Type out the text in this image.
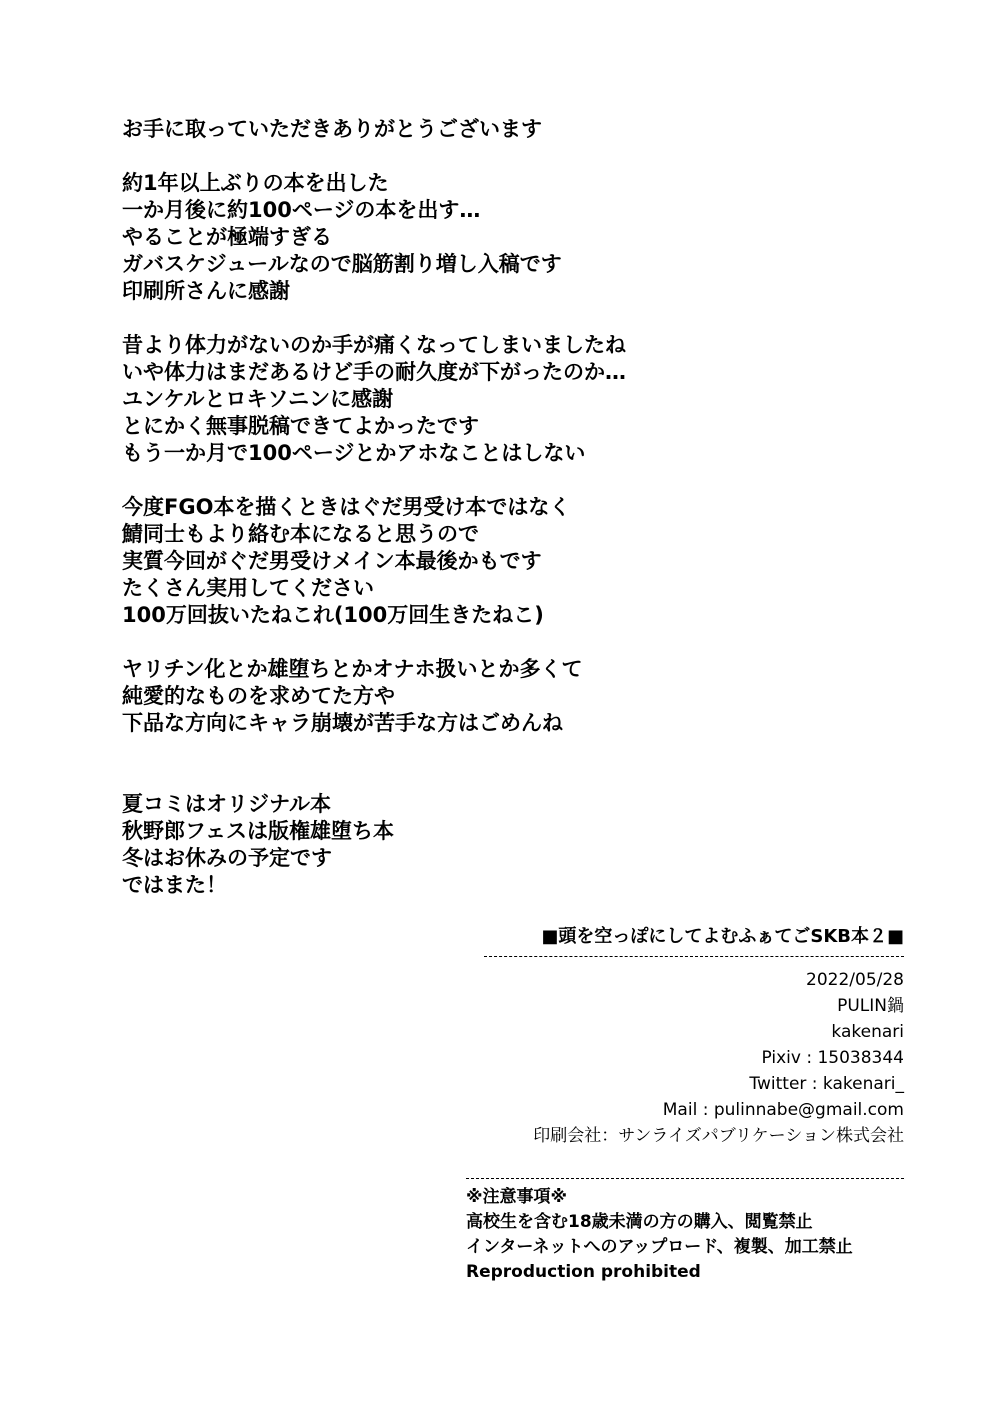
お手に取っていただきありがとうございます
約1年以上ぶりの本を出した
一か月後に約100ページの本を出す…
やることが極端すぎる
ガバスケジュールなので脳筋割り増し入稿です
印刷所さんに感謝
昔より体力がないのか手が痛くなってしまいましたね
いや体力はまだあるけど手の耐久度が下がったのか…
ユンケルとロキソニンに感謝
とにかく無事脱稿できてよかったです
もう一か月で100ページとかアホなことはしない
今度FGO本を描くときはぐだ男受け本ではなく
鯖同士もより絡む本になると思うので
実質今回がぐだ男受けメイン本最後かもです
たくさん実用してください
100万回抜いたねこれ(100万回生きたねこ)
ヤリチン化とか雄堕ちとかオナホ扱いとか多くて
純愛的なものを求めてた方や
下品な方向にキャラ崩壊が苦手な方はごめんね
夏コミはオリジナル本
秋野郎フェスは版権雄堕ち本
冬はお休みの予定です
ではまた！
■頭を空っぽにしてよむふぁてごSKB本２■
2022/05/28
PULIN鍋
kakenari
Pixiv : 15038344
Twitter : kakenari_
Mail : pulinnabe@gmail.com
印刷会社：サンライズパブリケーション株式会社
※注意事項※
高校生を含む18歳未満の方の購入、閲覧禁止
インターネットへのアップロード、複製、加工禁止
Reproduction prohibited
